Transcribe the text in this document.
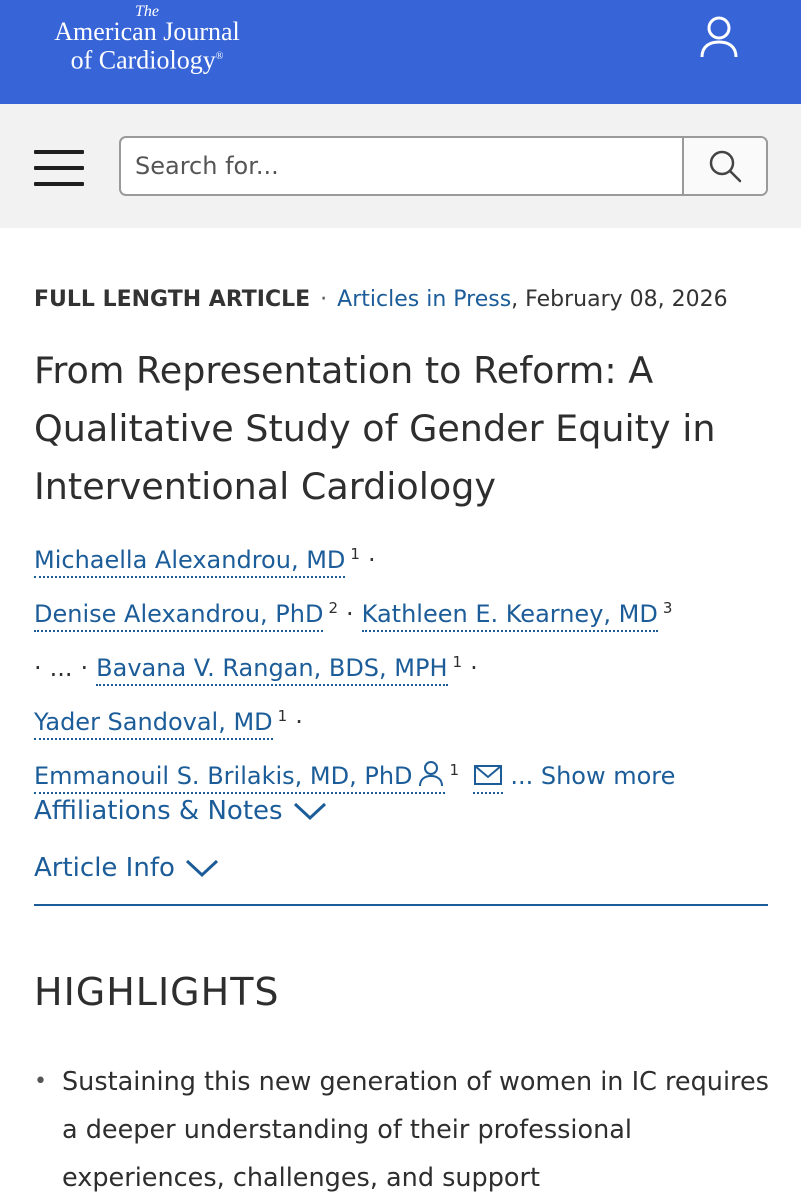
The
American Journal
of Cardiology®
Search for...
FULL LENGTH ARTICLE · Articles in Press, February 08, 2026
From Representation to Reform: A Qualitative Study of Gender Equity in Interventional Cardiology
Michaella Alexandrou, MD $^1$ ·
Denise Alexandrou, PhD $^2$ · Kathleen E. Kearney, MD $^3$
· ... · Bavana V. Rangan, BDS, MPH $^1$ ·
Yader Sandoval, MD $^1$ ·
Emmanouil S. Brilakis, MD, PhD $^1$ ... Show more
Affiliations & Notes
Article Info
HIGHLIGHTS
• Sustaining this new generation of women in IC requires a deeper understanding of their professional experiences, challenges, and support
